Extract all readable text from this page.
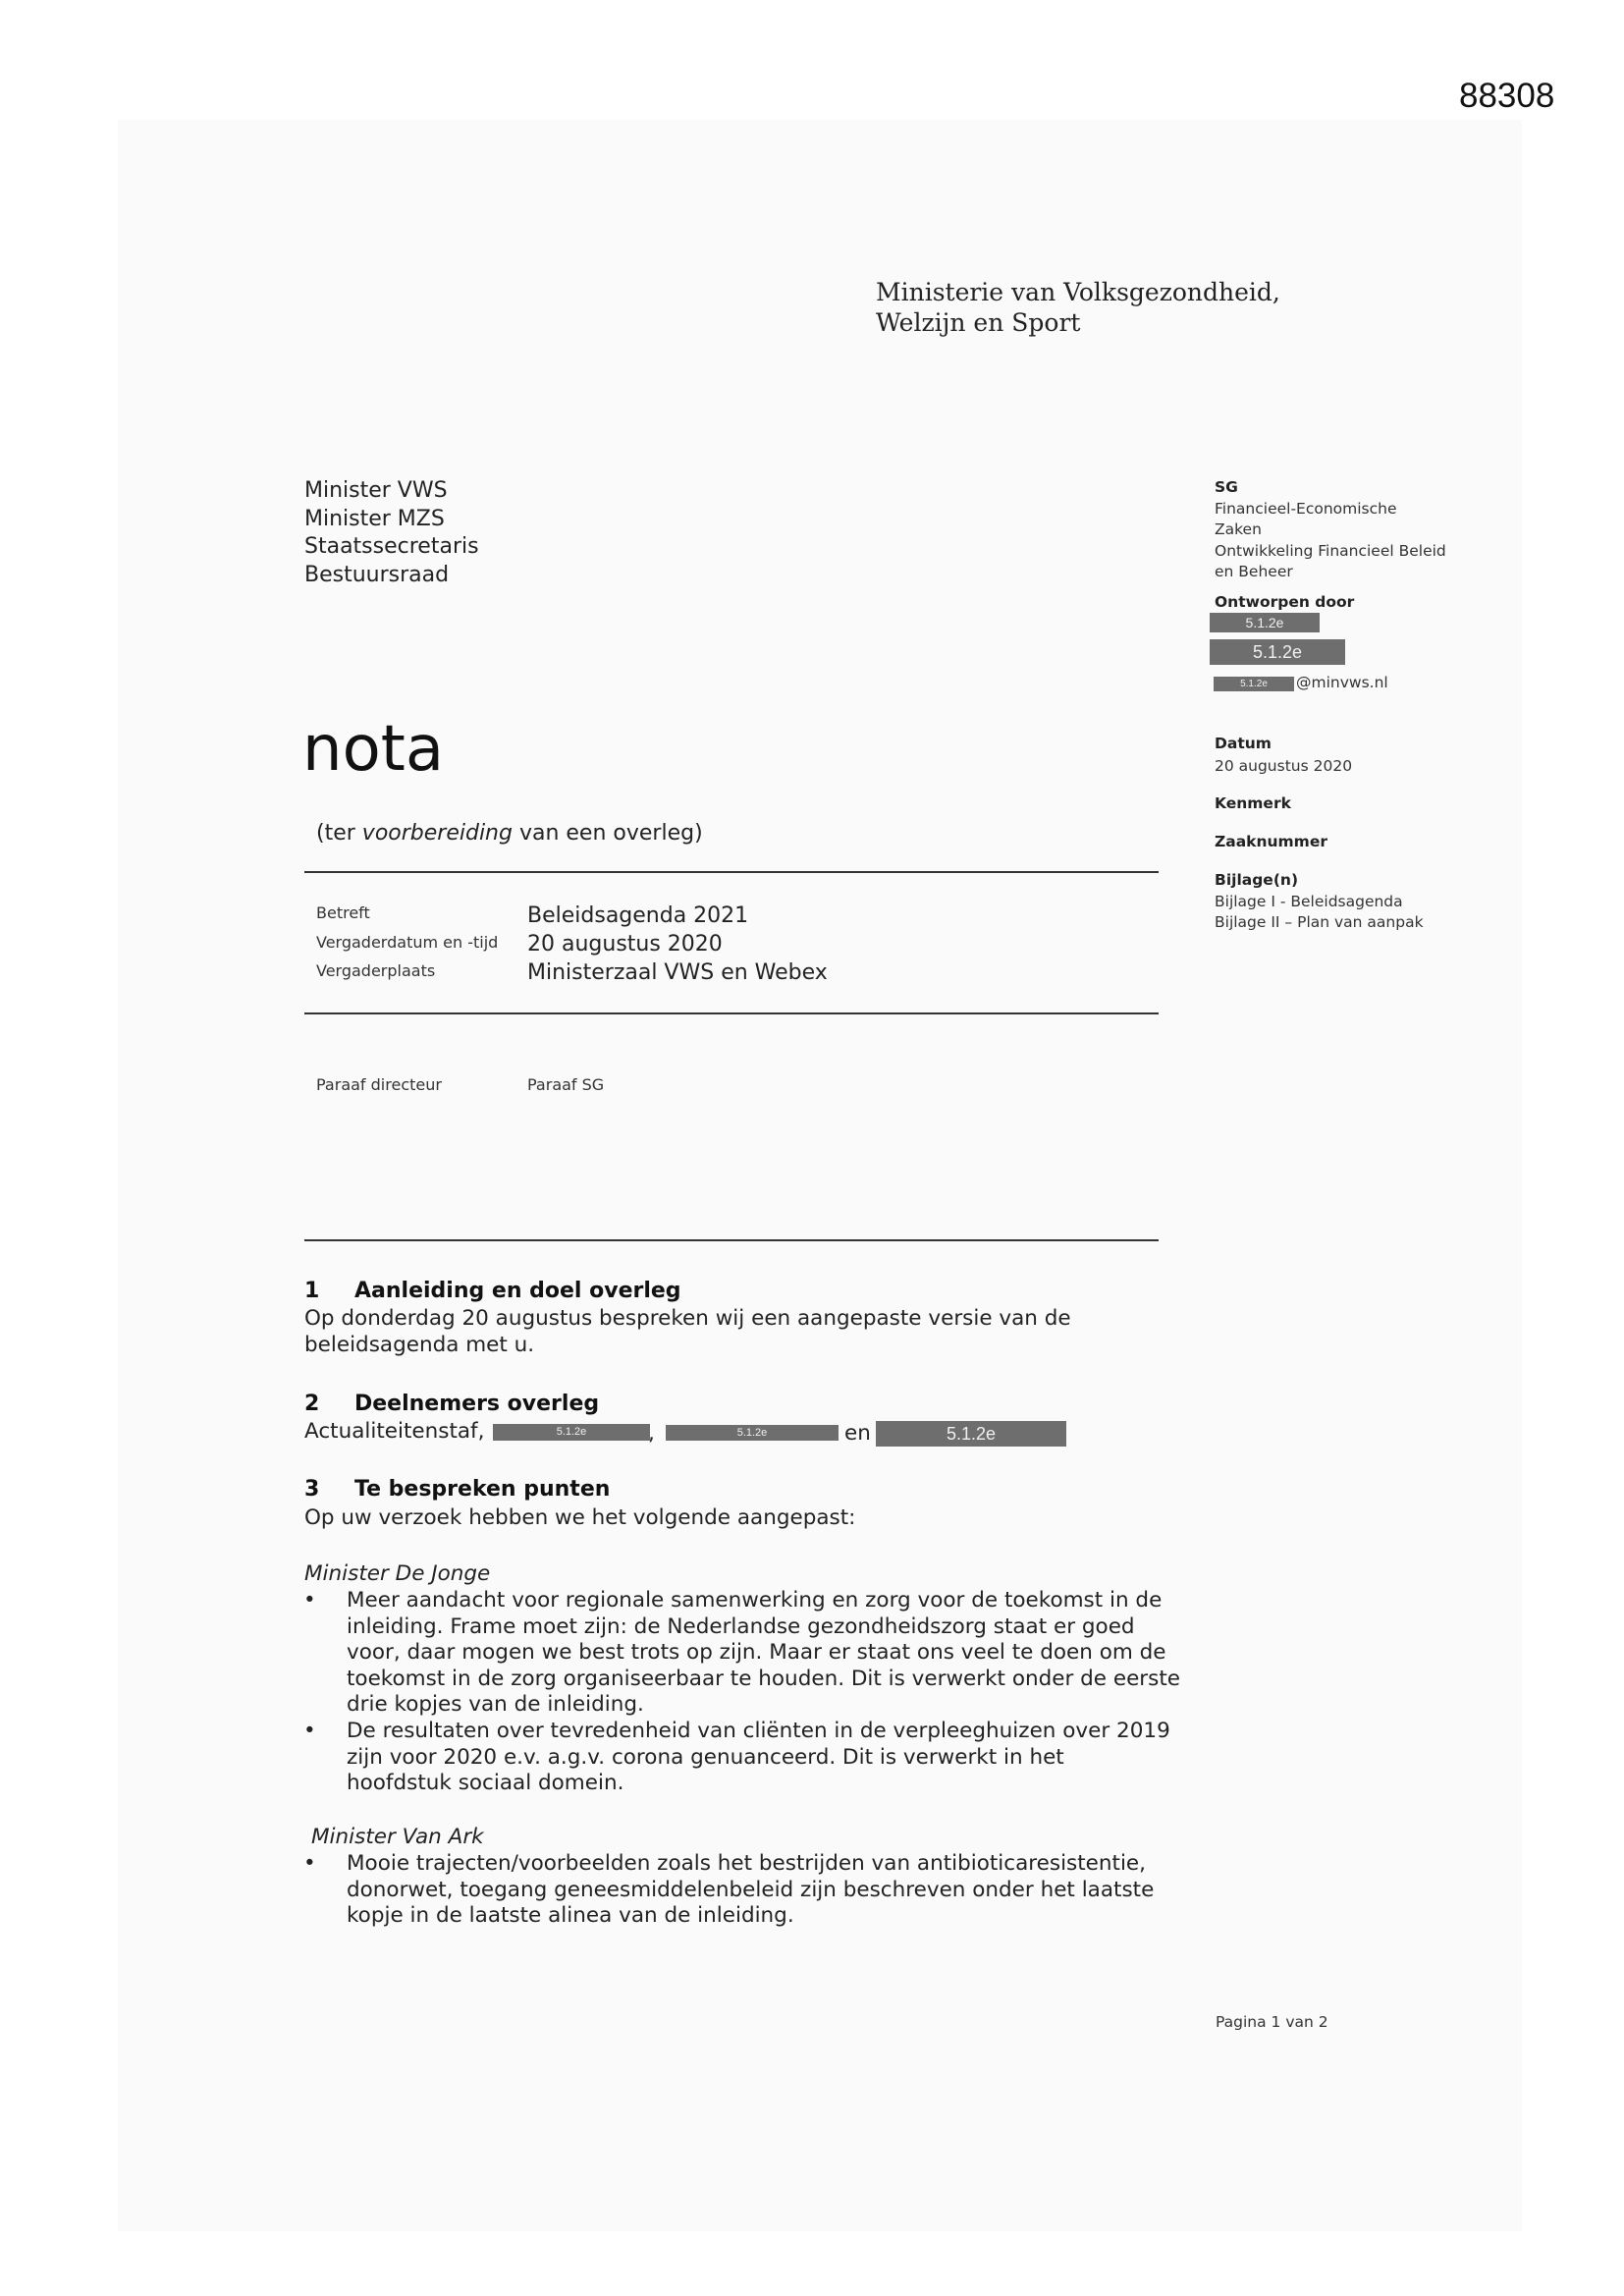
88308
Ministerie van Volksgezondheid,
Welzijn en Sport
Minister VWS
Minister MZS
Staatssecretaris
Bestuursraad
nota
(ter voorbereiding van een overleg)
Betreft	Beleidsagenda 2021
Vergaderdatum en -tijd 20 augustus 2020
Vergaderplaats	Ministerzaal VWS en Webex
Paraaf directeur	Paraaf SG
SG
Financieel-Economische
Zaken
Ontwikkeling Financieel Beleid
en Beheer
Ontworpen door
5.1.2e
5.1.2e
5.1.2e	@minvws.nl
Datum
20 augustus 2020
Kenmerk
Zaaknummer
Bijlage(n)
Bijlage I - Beleidsagenda
Bijlage II – Plan van aanpak
1 Aanleiding en doel overleg
Op donderdag 20 augustus bespreken wij een aangepaste versie van de
beleidsagenda met u.
2 Deelnemers overleg
Actualiteitenstaf,	5.1.2e	,	5.1.2e	en	5.1.2e
3 Te bespreken punten
Op uw verzoek hebben we het volgende aangepast:
Minister De Jonge
• Meer aandacht voor regionale samenwerking en zorg voor de toekomst in de
inleiding. Frame moet zijn: de Nederlandse gezondheidszorg staat er goed
voor, daar mogen we best trots op zijn. Maar er staat ons veel te doen om de
toekomst in de zorg organiseerbaar te houden. Dit is verwerkt onder de eerste
drie kopjes van de inleiding.
• De resultaten over tevredenheid van cliënten in de verpleeghuizen over 2019
zijn voor 2020 e.v. a.g.v. corona genuanceerd. Dit is verwerkt in het
hoofdstuk sociaal domein.
Minister Van Ark
• Mooie trajecten/voorbeelden zoals het bestrijden van antibioticaresistentie,
donorwet, toegang geneesmiddelenbeleid zijn beschreven onder het laatste
kopje in de laatste alinea van de inleiding.
Pagina 1 van 2
